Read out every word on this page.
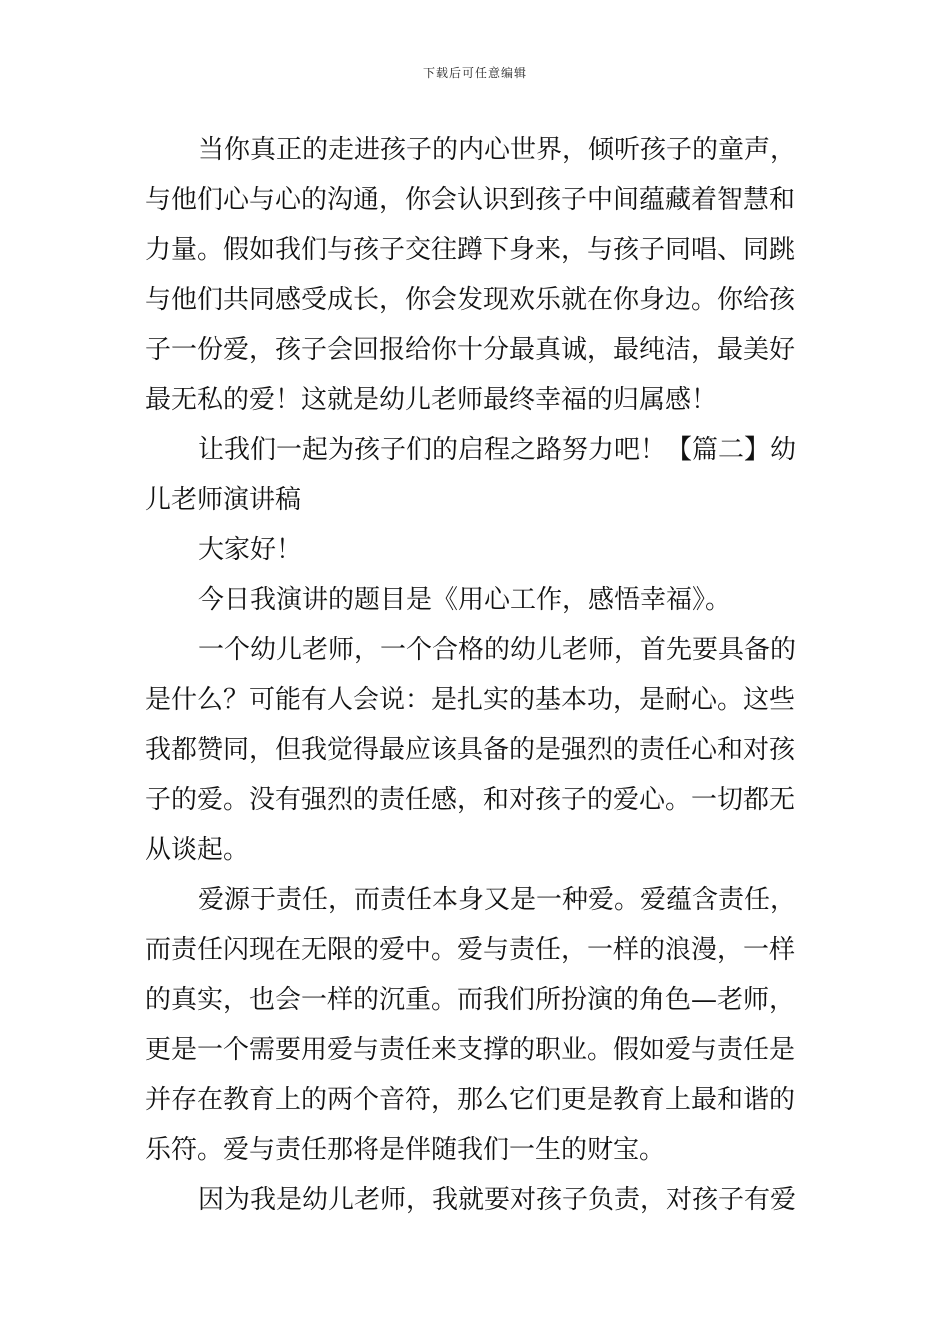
下载后可任意编辑
当你真正的走进孩子的内心世界，倾听孩子的童声，
与他们心与心的沟通，你会认识到孩子中间蕴藏着智慧和
力量。假如我们与孩子交往蹲下身来，与孩子同唱、同跳
与他们共同感受成长，你会发现欢乐就在你身边。你给孩
子一份爱，孩子会回报给你十分最真诚，最纯洁，最美好
最无私的爱！这就是幼儿老师最终幸福的归属感！
让我们一起为孩子们的启程之路努力吧！【篇二】幼
儿老师演讲稿
大家好！
今日我演讲的题目是《用心工作，感悟幸福》。
一个幼儿老师，一个合格的幼儿老师，首先要具备的
是什么？可能有人会说：是扎实的基本功，是耐心。这些
我都赞同，但我觉得最应该具备的是强烈的责任心和对孩
子的爱。没有强烈的责任感，和对孩子的爱心。一切都无
从谈起。
爱源于责任，而责任本身又是一种爱。爱蕴含责任，
而责任闪现在无限的爱中。爱与责任，一样的浪漫，一样
的真实，也会一样的沉重。而我们所扮演的角色—老师，
更是一个需要用爱与责任来支撑的职业。假如爱与责任是
并存在教育上的两个音符，那么它们更是教育上最和谐的
乐符。爱与责任那将是伴随我们一生的财宝。
因为我是幼儿老师，我就要对孩子负责，对孩子有爱
